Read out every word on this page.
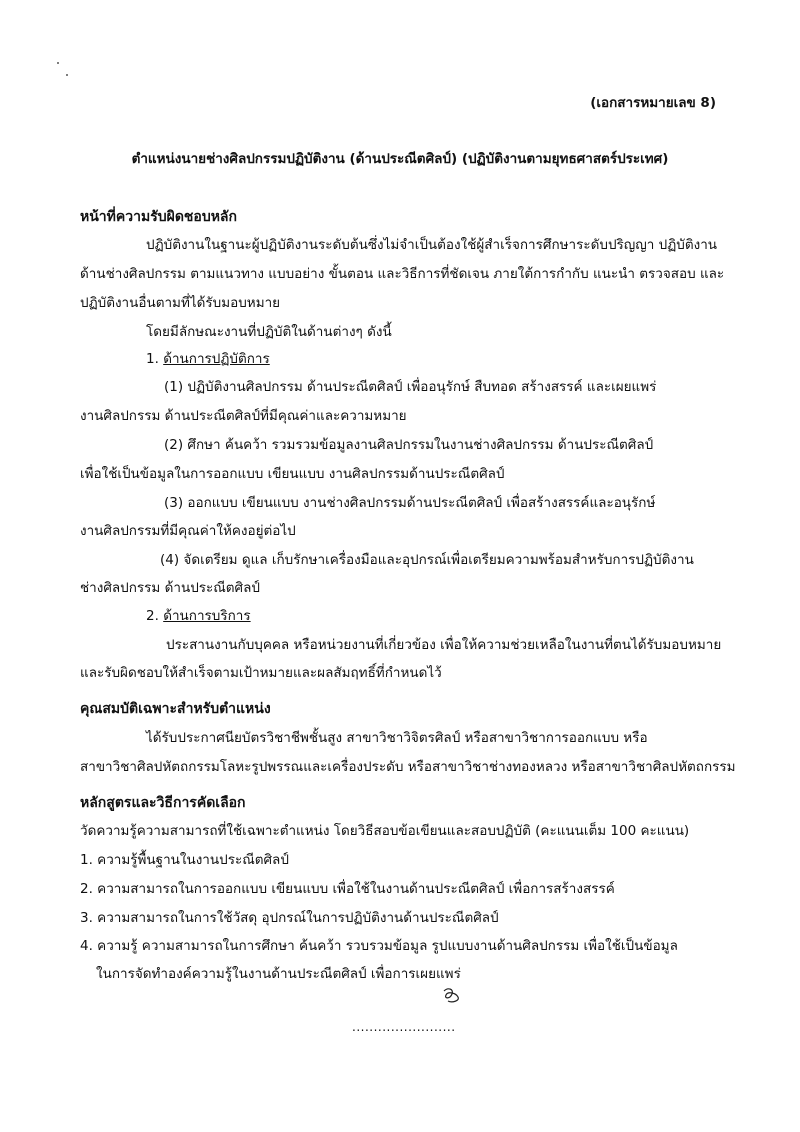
(เอกสารหมายเลข 8)
ตำแหน่งนายช่างศิลปกรรมปฏิบัติงาน (ด้านประณีตศิลป์) (ปฏิบัติงานตามยุทธศาสตร์ประเทศ)
หน้าที่ความรับผิดชอบหลัก
ปฏิบัติงานในฐานะผู้ปฏิบัติงานระดับต้นซึ่งไม่จำเป็นต้องใช้ผู้สำเร็จการศึกษาระดับปริญญา ปฏิบัติงาน
ด้านช่างศิลปกรรม ตามแนวทาง แบบอย่าง ขั้นตอน และวิธีการที่ชัดเจน ภายใต้การกำกับ แนะนำ ตรวจสอบ และ
ปฏิบัติงานอื่นตามที่ได้รับมอบหมาย
โดยมีลักษณะงานที่ปฏิบัติในด้านต่างๆ ดังนี้
1. ด้านการปฏิบัติการ
(1) ปฏิบัติงานศิลปกรรม ด้านประณีตศิลป์ เพื่ออนุรักษ์ สืบทอด สร้างสรรค์ และเผยแพร่
งานศิลปกรรม ด้านประณีตศิลป์ที่มีคุณค่าและความหมาย
(2) ศึกษา ค้นคว้า รวมรวมข้อมูลงานศิลปกรรมในงานช่างศิลปกรรม ด้านประณีตศิลป์
เพื่อใช้เป็นข้อมูลในการออกแบบ เขียนแบบ งานศิลปกรรมด้านประณีตศิลป์
(3) ออกแบบ เขียนแบบ งานช่างศิลปกรรมด้านประณีตศิลป์ เพื่อสร้างสรรค์และอนุรักษ์
งานศิลปกรรมที่มีคุณค่าให้คงอยู่ต่อไป
(4) จัดเตรียม ดูแล เก็บรักษาเครื่องมือและอุปกรณ์เพื่อเตรียมความพร้อมสำหรับการปฏิบัติงาน
ช่างศิลปกรรม ด้านประณีตศิลป์
2. ด้านการบริการ
ประสานงานกับบุคคล หรือหน่วยงานที่เกี่ยวข้อง เพื่อให้ความช่วยเหลือในงานที่ตนได้รับมอบหมาย
และรับผิดชอบให้สำเร็จตามเป้าหมายและผลสัมฤทธิ์ที่กำหนดไว้
คุณสมบัติเฉพาะสำหรับตำแหน่ง
ได้รับประกาศนียบัตรวิชาชีพชั้นสูง สาขาวิชาวิจิตรศิลป์ หรือสาขาวิชาการออกแบบ หรือ
สาขาวิชาศิลปหัตถกรรมโลหะรูปพรรณและเครื่องประดับ หรือสาขาวิชาช่างทองหลวง หรือสาขาวิชาศิลปหัตถกรรม
หลักสูตรและวิธีการคัดเลือก
วัดความรู้ความสามารถที่ใช้เฉพาะตำแหน่ง โดยวิธีสอบข้อเขียนและสอบปฏิบัติ (คะแนนเต็ม 100 คะแนน)
1. ความรู้พื้นฐานในงานประณีตศิลป์
2. ความสามารถในการออกแบบ เขียนแบบ เพื่อใช้ในงานด้านประณีตศิลป์ เพื่อการสร้างสรรค์
3. ความสามารถในการใช้วัสดุ อุปกรณ์ในการปฏิบัติงานด้านประณีตศิลป์
4. ความรู้ ความสามารถในการศึกษา ค้นคว้า รวบรวมข้อมูล รูปแบบงานด้านศิลปกรรม เพื่อใช้เป็นข้อมูล
ในการจัดทำองค์ความรู้ในงานด้านประณีตศิลป์ เพื่อการเผยแพร่
........................
